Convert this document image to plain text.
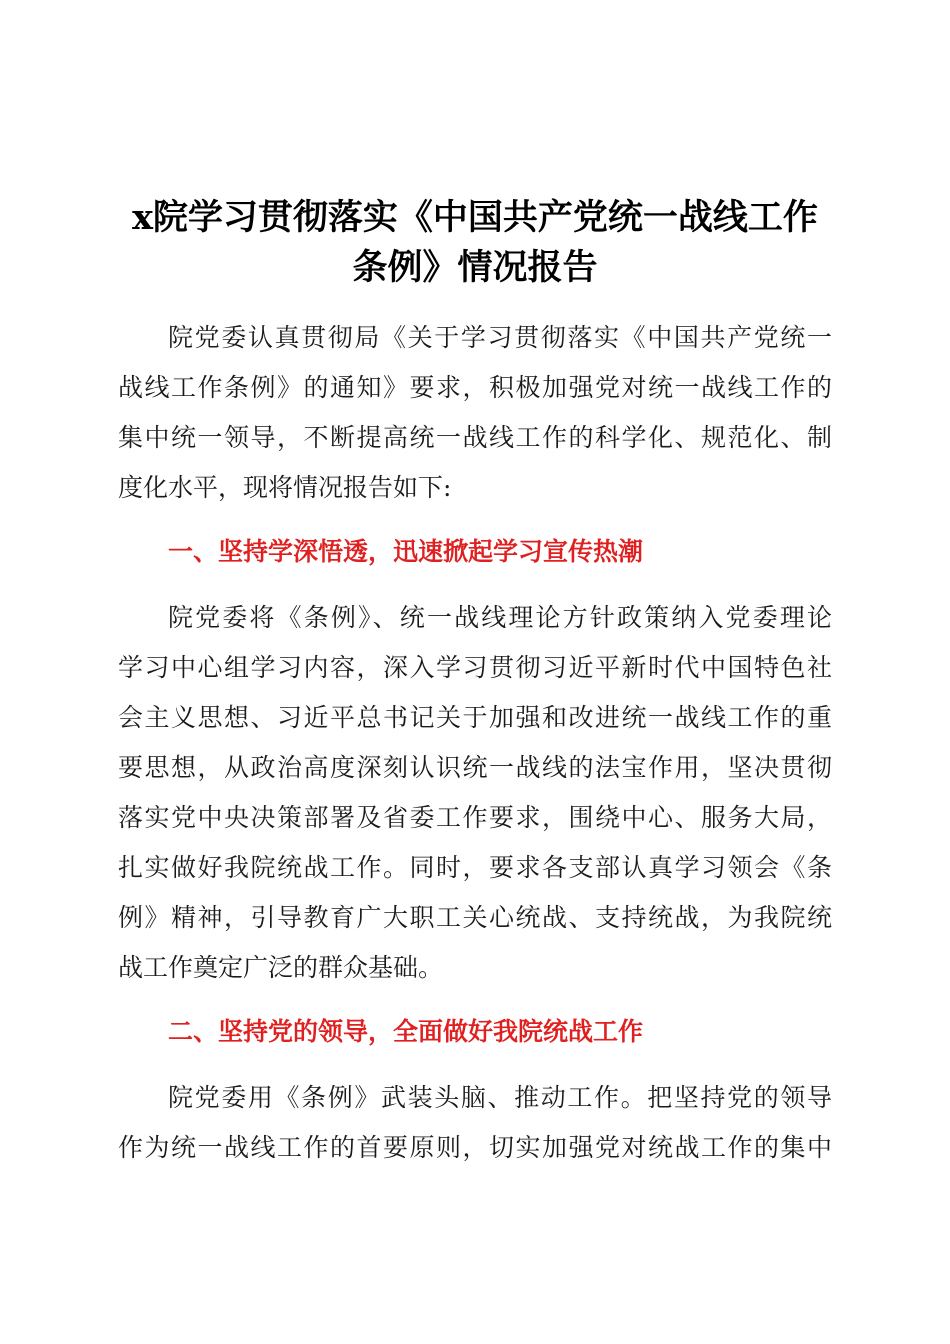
x院学习贯彻落实《中国共产党统一战线工作
条例》情况报告

院党委认真贯彻局《关于学习贯彻落实《中国共产党统一

战线工作条例》的通知》要求，积极加强党对统一战线工作的

集中统一领导，不断提高统一战线工作的科学化、规范化、制

度化水平，现将情况报告如下:

一、坚持学深悟透，迅速掀起学习宣传热潮

院党委将《条例》、统一战线理论方针政策纳入党委理论

学习中心组学习内容，深入学习贯彻习近平新时代中国特色社

会主义思想、习近平总书记关于加强和改进统一战线工作的重

要思想，从政治高度深刻认识统一战线的法宝作用，坚决贯彻

落实党中央决策部署及省委工作要求，围绕中心、服务大局，

扎实做好我院统战工作。同时，要求各支部认真学习领会《条

例》精神，引导教育广大职工关心统战、支持统战，为我院统

战工作奠定广泛的群众基础。

二、坚持党的领导，全面做好我院统战工作

院党委用《条例》武装头脑、推动工作。把坚持党的领导

作为统一战线工作的首要原则，切实加强党对统战工作的集中
